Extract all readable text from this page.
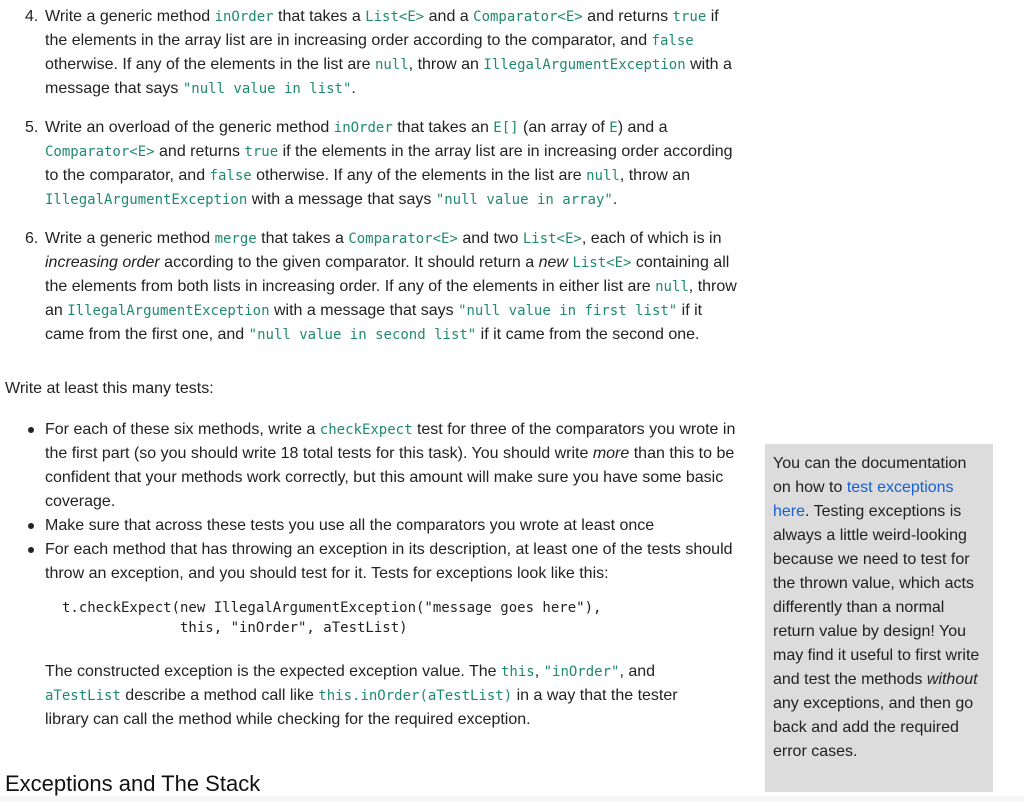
4. Write a generic method inOrder that takes a List<E> and a Comparator<E> and returns true if the elements in the array list are in increasing order according to the comparator, and false otherwise. If any of the elements in the list are null, throw an IllegalArgumentException with a message that says "null value in list".
5. Write an overload of the generic method inOrder that takes an E[] (an array of E) and a Comparator<E> and returns true if the elements in the array list are in increasing order according to the comparator, and false otherwise. If any of the elements in the list are null, throw an IllegalArgumentException with a message that says "null value in array".
6. Write a generic method merge that takes a Comparator<E> and two List<E>, each of which is in increasing order according to the given comparator. It should return a new List<E> containing all the elements from both lists in increasing order. If any of the elements in either list are null, throw an IllegalArgumentException with a message that says "null value in first list" if it came from the first one, and "null value in second list" if it came from the second one.

Write at least this many tests:

For each of these six methods, write a checkExpect test for three of the comparators you wrote in the first part (so you should write 18 total tests for this task). You should write more than this to be confident that your methods work correctly, but this amount will make sure you have some basic coverage.
Make sure that across these tests you use all the comparators you wrote at least once
For each method that has throwing an exception in its description, at least one of the tests should throw an exception, and you should test for it. Tests for exceptions look like this:
t.checkExpect(new IllegalArgumentException("message goes here"),
this, "inOrder", aTestList)

The constructed exception is the expected exception value. The this, "inOrder", and aTestList describe a method call like this.inOrder(aTestList) in a way that the tester library can call the method while checking for the required exception.

Exceptions and The Stack

You can the documentation on how to test exceptions here. Testing exceptions is always a little weird-looking because we need to test for the thrown value, which acts differently than a normal return value by design! You may find it useful to first write and test the methods without any exceptions, and then go back and add the required error cases.
